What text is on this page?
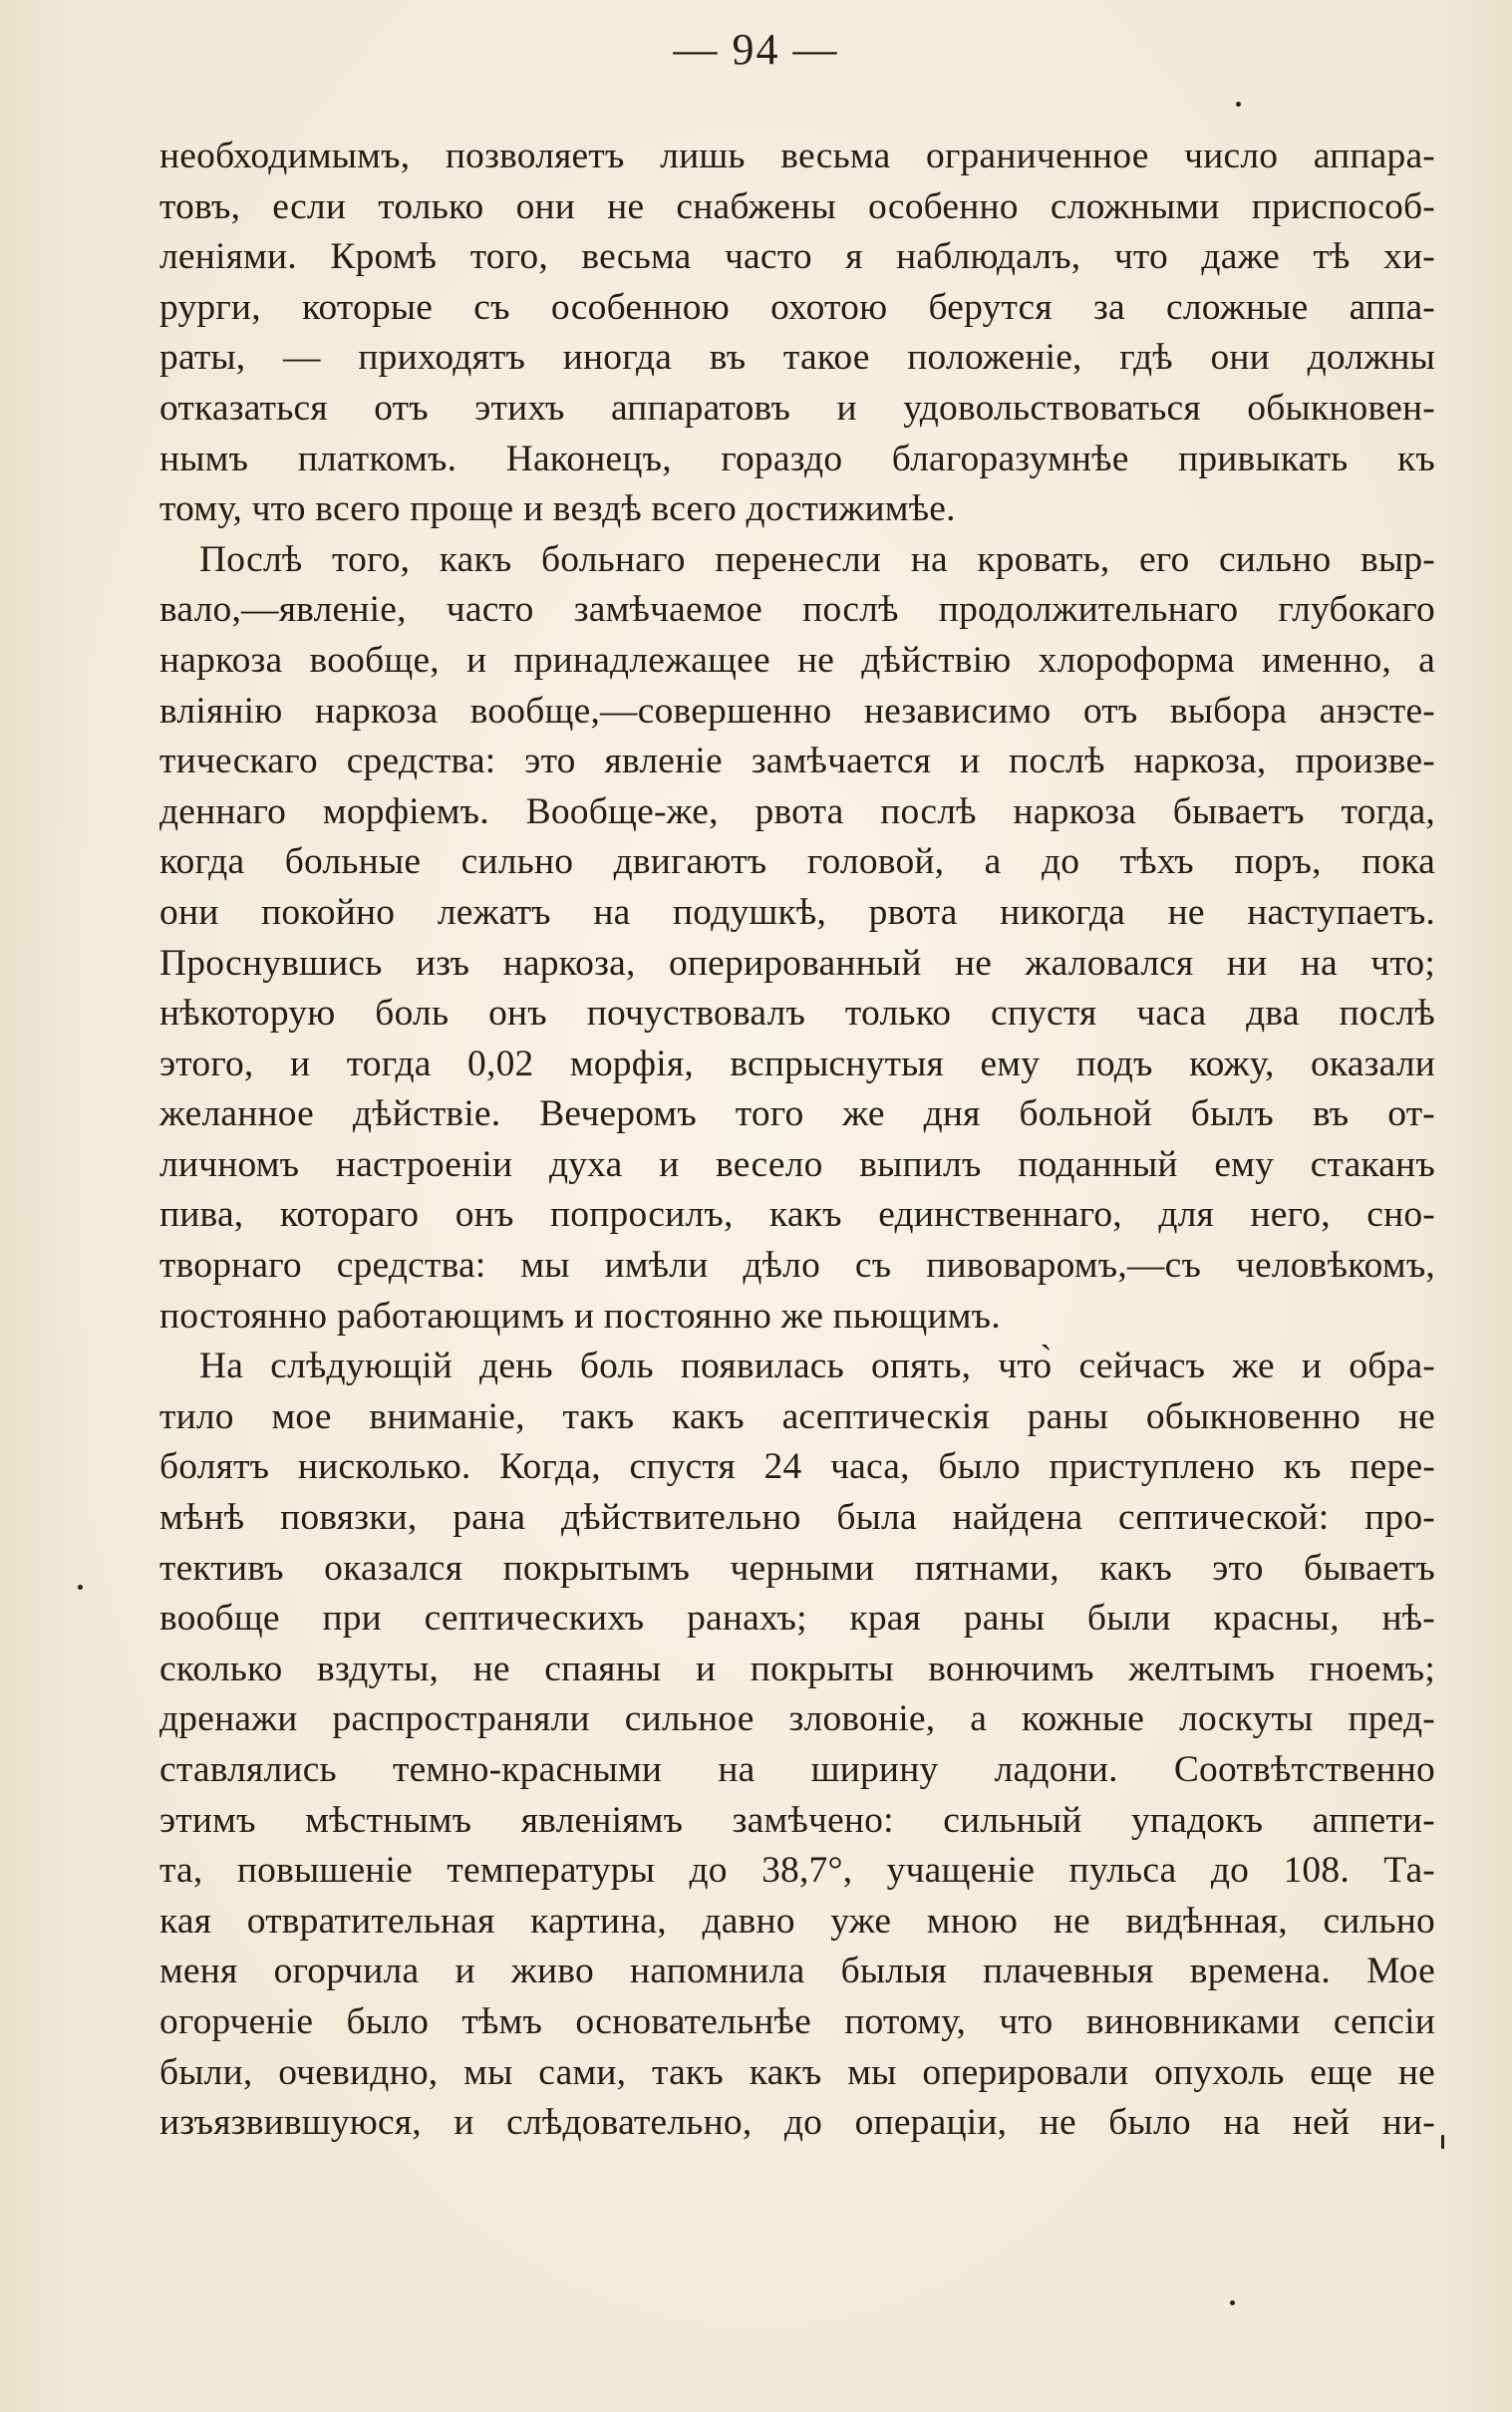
— 94 —
необходимымъ, позволяетъ лишь весьма ограниченное число аппара-
товъ, если только они не снабжены особенно сложными приспособ-
леніями. Кромѣ того, весьма часто я наблюдалъ, что даже тѣ хи-
рурги, которые съ особенною охотою берутся за сложные аппа-
раты, — приходятъ иногда въ такое положеніе, гдѣ они должны
отказаться отъ этихъ аппаратовъ и удовольствоваться обыкновен-
нымъ платкомъ. Наконецъ, гораздо благоразумнѣе привыкать къ
тому, что всего проще и вездѣ всего достижимѣе.
Послѣ того, какъ больнаго перенесли на кровать, его сильно выр-
вало,—явленіе, часто замѣчаемое послѣ продолжительнаго глубокаго
наркоза вообще, и принадлежащее не дѣйствію хлороформа именно, а
вліянію наркоза вообще,—совершенно независимо отъ выбора анэсте-
тическаго средства: это явленіе замѣчается и послѣ наркоза, произве-
деннаго морфіемъ. Вообще-же, рвота послѣ наркоза бываетъ тогда,
когда больные сильно двигаютъ головой, а до тѣхъ поръ, пока
они покойно лежатъ на подушкѣ, рвота никогда не наступаетъ.
Проснувшись изъ наркоза, оперированный не жаловался ни на что;
нѣкоторую боль онъ почуствовалъ только спустя часа два послѣ
этого, и тогда 0,02 морфія, вспрыснутыя ему подъ кожу, оказали
желанное дѣйствіе. Вечеромъ того же дня больной былъ въ от-
личномъ настроеніи духа и весело выпилъ поданный ему стаканъ
пива, котораго онъ попросилъ, какъ единственнаго, для него, сно-
творнаго средства: мы имѣли дѣло съ пивоваромъ,—съ человѣкомъ,
постоянно работающимъ и постоянно же пьющимъ.
На слѣдующій день боль появилась опять, что̀ сейчасъ же и обра-
тило мое вниманіе, такъ какъ асептическія раны обыкновенно не
болятъ нисколько. Когда, спустя 24 часа, было приступлено къ пере-
мѣнѣ повязки, рана дѣйствительно была найдена септической: про-
тективъ оказался покрытымъ черными пятнами, какъ это бываетъ
вообще при септическихъ ранахъ; края раны были красны, нѣ-
сколько вздуты, не спаяны и покрыты вонючимъ желтымъ гноемъ;
дренажи распространяли сильное зловоніе, а кожные лоскуты пред-
ставлялись темно-красными на ширину ладони. Соотвѣтственно
этимъ мѣстнымъ явленіямъ замѣчено: сильный упадокъ аппети-
та, повышеніе температуры до 38,7°, учащеніе пульса до 108. Та-
кая отвратительная картина, давно уже мною не видѣнная, сильно
меня огорчила и живо напомнила былыя плачевныя времена. Мое
огорченіе было тѣмъ основательнѣе потому, что виновниками сепсіи
были, очевидно, мы сами, такъ какъ мы оперировали опухоль еще не
изъязвившуюся, и слѣдовательно, до операціи, не было на ней ни-
